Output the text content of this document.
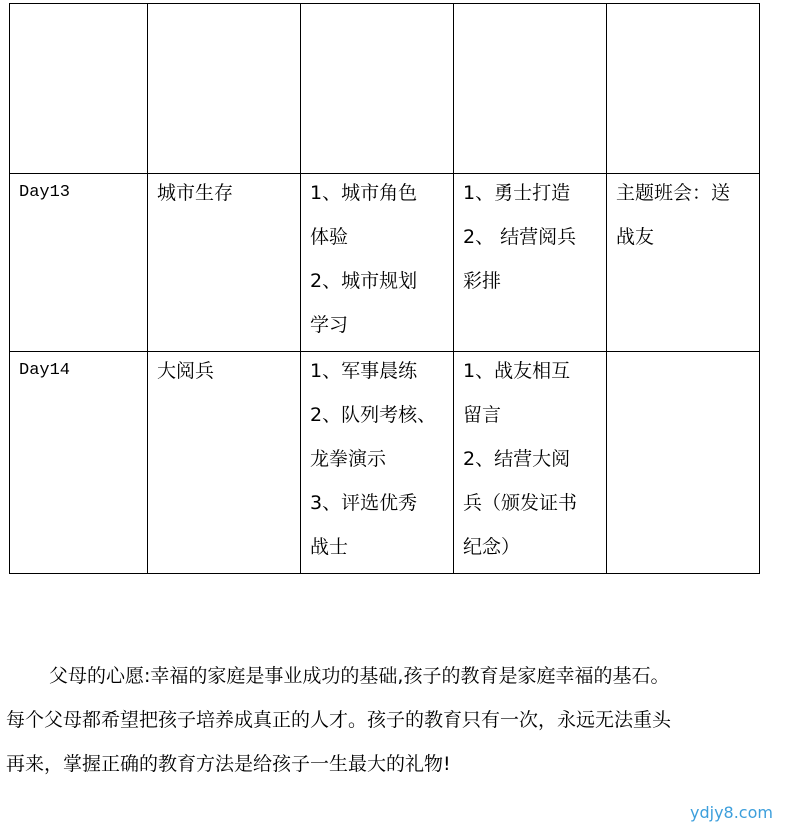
Day13	城市生存	1、城市角色
体验
2、城市规划
学习	1、勇士打造
2、 结营阅兵
彩排	主题班会：送
战友

Day14	大阅兵	1、军事晨练
2、队列考核、
龙拳演示
3、评选优秀
战士	1、战友相互
留言
2、结营大阅
兵（颁发证书
纪念）	

父母的心愿:幸福的家庭是事业成功的基础,孩子的教育是家庭幸福的基石。
每个父母都希望把孩子培养成真正的人才。孩子的教育只有一次，永远无法重头
再来，掌握正确的教育方法是给孩子一生最大的礼物!
ydjy8.com
